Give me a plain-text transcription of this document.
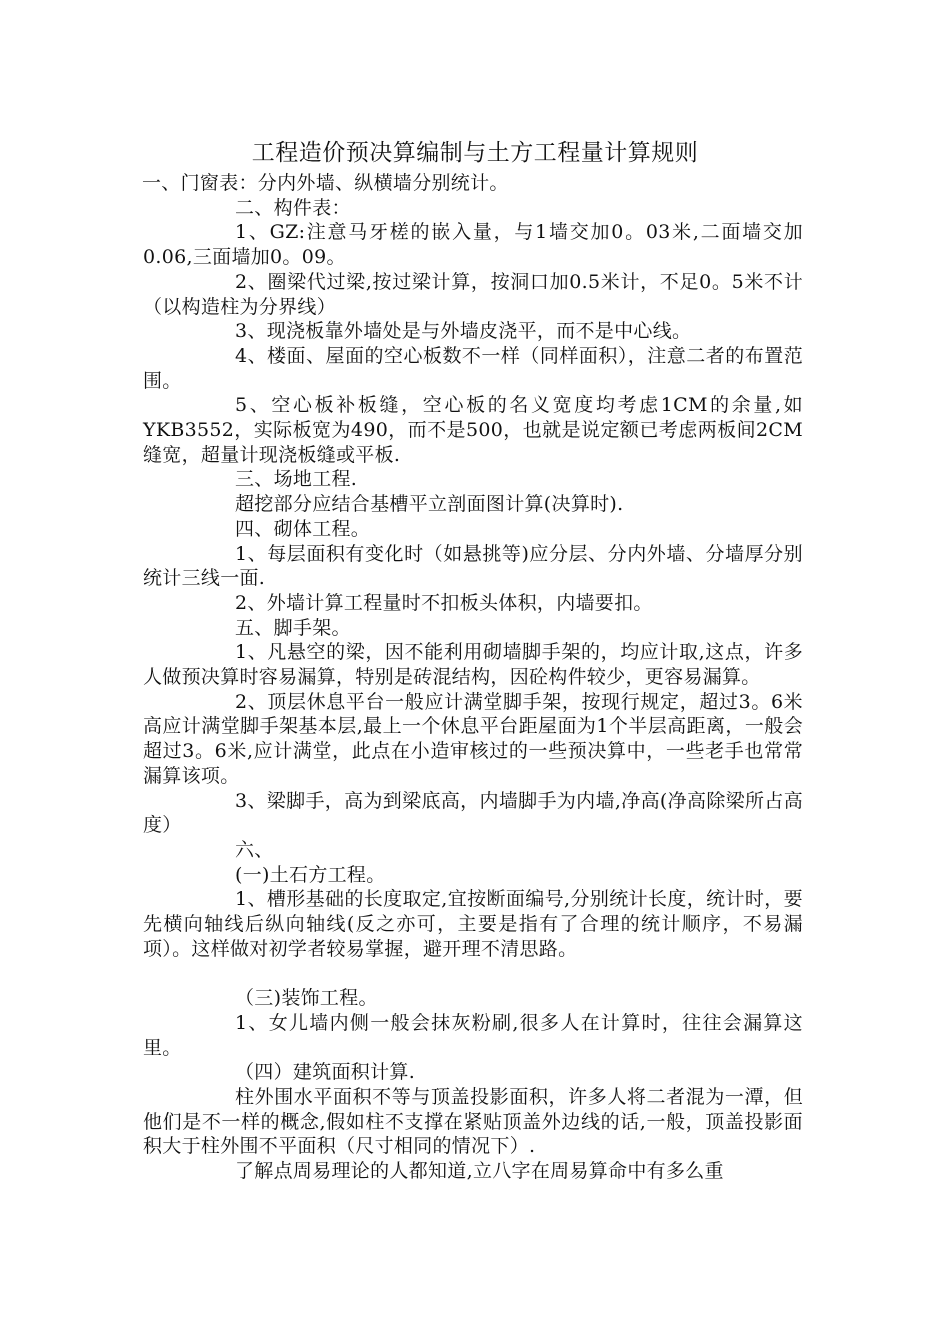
工程造价预决算编制与土方工程量计算规则

一、门窗表：分内外墙、纵横墙分别统计。

二、构件表：

1、GZ:注意马牙槎的嵌入量，与1墙交加0。03米,二面墙交加0.06,三面墙加0。09。

2、圈梁代过梁,按过梁计算，按洞口加0.5米计，不足0。5米不计（以构造柱为分界线）

3、现浇板靠外墙处是与外墙皮浇平，而不是中心线。

4、楼面、屋面的空心板数不一样（同样面积），注意二者的布置范围。

5、空心板补板缝，空心板的名义宽度均考虑1CM的余量,如YKB3552，实际板宽为490，而不是500，也就是说定额已考虑两板间2CM缝宽，超量计现浇板缝或平板.

三、场地工程.

超挖部分应结合基槽平立剖面图计算(决算时).

四、砌体工程。

1、每层面积有变化时（如悬挑等)应分层、分内外墙、分墙厚分别统计三线一面.

2、外墙计算工程量时不扣板头体积，内墙要扣。

五、脚手架。

1、凡悬空的梁，因不能利用砌墙脚手架的，均应计取,这点，许多人做预决算时容易漏算，特别是砖混结构，因砼构件较少，更容易漏算。

2、顶层休息平台一般应计满堂脚手架，按现行规定，超过3。6米高应计满堂脚手架基本层,最上一个休息平台距屋面为1个半层高距离，一般会超过3。6米,应计满堂，此点在小造审核过的一些预决算中，一些老手也常常漏算该项。

3、梁脚手，高为到梁底高，内墙脚手为内墙,净高(净高除梁所占高度）

六、

(一)土石方工程。

1、槽形基础的长度取定,宜按断面编号,分别统计长度，统计时，要先横向轴线后纵向轴线(反之亦可，主要是指有了合理的统计顺序，不易漏项）。这样做对初学者较易掌握，避开理不清思路。

（三)装饰工程。

1、女儿墙内侧一般会抹灰粉刷,很多人在计算时，往往会漏算这里。

（四）建筑面积计算.

柱外围水平面积不等与顶盖投影面积，许多人将二者混为一潭，但他们是不一样的概念,假如柱不支撑在紧贴顶盖外边线的话,一般，顶盖投影面积大于柱外围不平面积（尺寸相同的情况下）.

了解点周易理论的人都知道,立八字在周易算命中有多么重
